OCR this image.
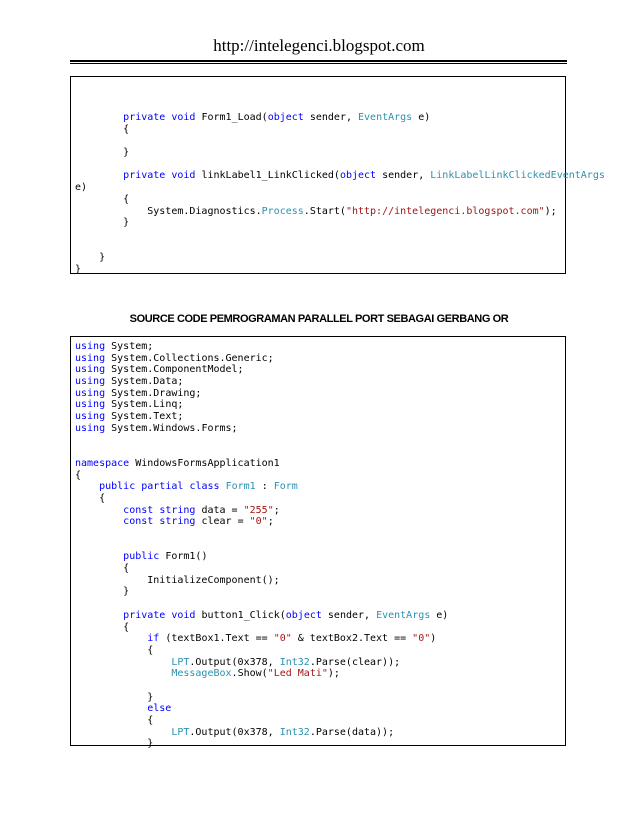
http://intelegenci.blogspot.com
private void Form1_Load(object sender, EventArgs e)
{
}
private void linkLabel1_LinkClicked(object sender, LinkLabelLinkClickedEventArgs
e)
{
System.Diagnostics.Process.Start("http://intelegenci.blogspot.com");
}
}
}
SOURCE CODE PEMROGRAMAN PARALLEL PORT SEBAGAI GERBANG OR
using System;
using System.Collections.Generic;
using System.ComponentModel;
using System.Data;
using System.Drawing;
using System.Linq;
using System.Text;
using System.Windows.Forms;
namespace WindowsFormsApplication1
{
public partial class Form1 : Form
{
const string data = "255";
const string clear = "0";
public Form1()
{
InitializeComponent();
}
private void button1_Click(object sender, EventArgs e)
{
if (textBox1.Text == "0" & textBox2.Text == "0")
{
LPT.Output(0x378, Int32.Parse(clear));
MessageBox.Show("Led Mati");
}
else
{
LPT.Output(0x378, Int32.Parse(data));
}
